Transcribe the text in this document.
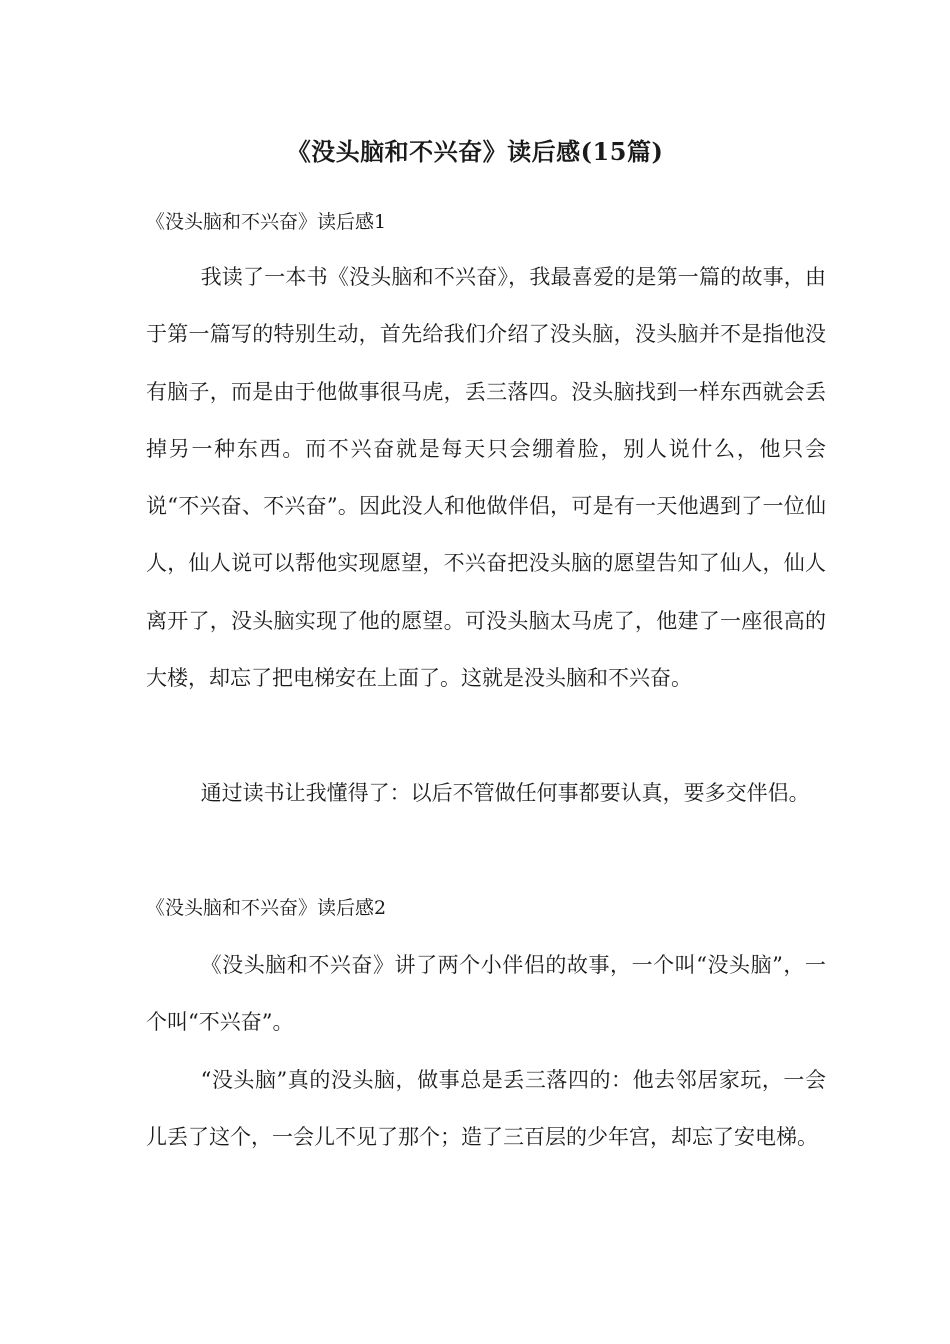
《没头脑和不兴奋》读后感(15篇)
《没头脑和不兴奋》读后感1

我读了一本书《没头脑和不兴奋》，我最喜爱的是第一篇的故事，由于第一篇写的特别生动，首先给我们介绍了没头脑，没头脑并不是指他没有脑子，而是由于他做事很马虎，丢三落四。没头脑找到一样东西就会丢掉另一种东西。而不兴奋就是每天只会绷着脸，别人说什么，他只会说“不兴奋、不兴奋”。因此没人和他做伴侣，可是有一天他遇到了一位仙人，仙人说可以帮他实现愿望，不兴奋把没头脑的愿望告知了仙人，仙人离开了，没头脑实现了他的愿望。可没头脑太马虎了，他建了一座很高的大楼，却忘了把电梯安在上面了。这就是没头脑和不兴奋。

通过读书让我懂得了：以后不管做任何事都要认真，要多交伴侣。

《没头脑和不兴奋》读后感2

《没头脑和不兴奋》讲了两个小伴侣的故事，一个叫“没头脑”，一个叫“不兴奋”。

“没头脑”真的没头脑，做事总是丢三落四的：他去邻居家玩，一会儿丢了这个，一会儿不见了那个；造了三百层的少年宫，却忘了安电梯。
